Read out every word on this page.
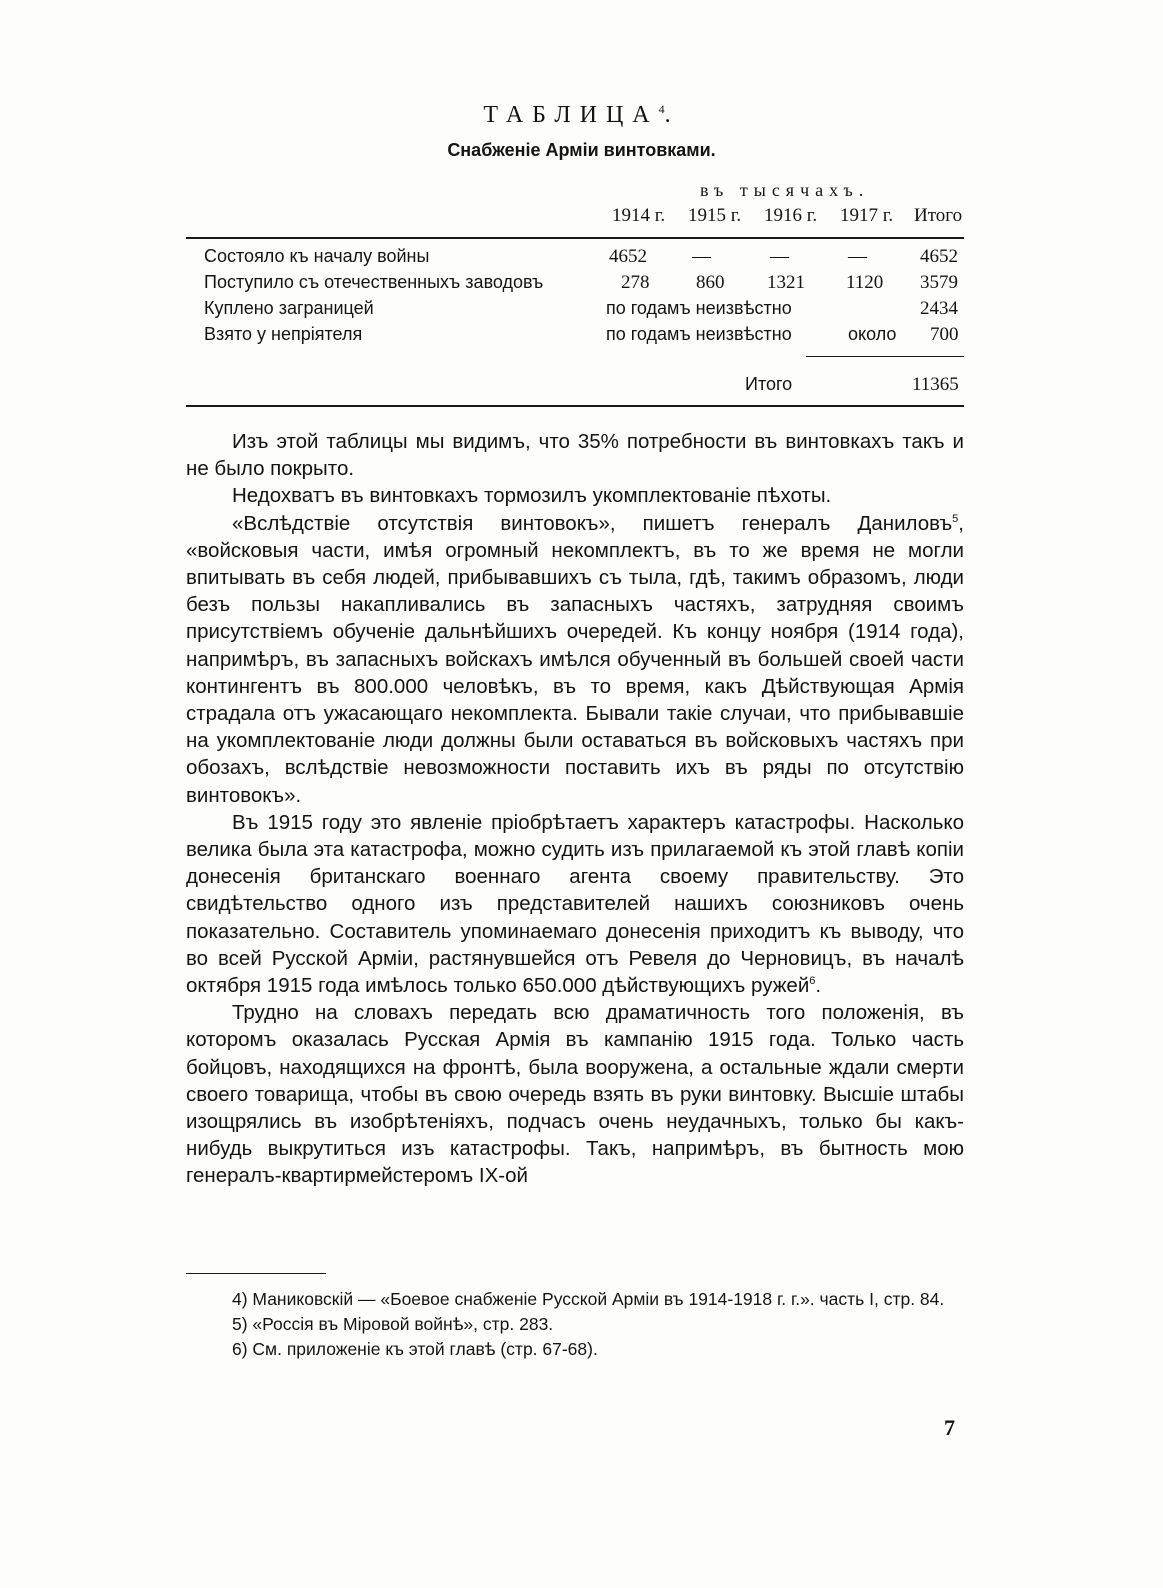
ТАБЛИЦА$^4$.
Снабженіе Арміи винтовками.
въ тысячахъ.
1914 г. 1915 г. 1916 г. 1917 г. Итого
Состояло къ началу войны	4652 —	—	—	4652
Поступило съ отечественныхъ заводовъ	278 860 1321 1120 3579
Куплено заграницей	по годамъ неизвѣстно	2434
Взято у непріятеля	по годамъ неизвѣстно	около 700
Итого	11365

Изъ этой таблицы мы видимъ, что 35% потребности въ винтовкахъ такъ и не было покрыто.

Недохватъ въ винтовкахъ тормозилъ укомплектованіе пѣхоты.

«Вслѣдствіе отсутствія винтовокъ», пишетъ генералъ Даниловъ$^5$, «войсковыя части, имѣя огромный некомплектъ, въ то же время не могли впитывать въ себя людей, прибывавшихъ съ тыла, гдѣ, такимъ образомъ, люди безъ пользы накапливались въ запасныхъ частяхъ, затрудняя своимъ присутствіемъ обученіе дальнѣйшихъ очередей. Къ концу ноября (1914 года), напримѣръ, въ запасныхъ войскахъ имѣлся обученный въ большей своей части контингентъ въ 800.000 человѣкъ, въ то время, какъ Дѣйствующая Армія страдала отъ ужасающаго некомплекта. Бывали такіе случаи, что прибывавшіе на укомплектованіе люди должны были оставаться въ войсковыхъ частяхъ при обозахъ, вслѣдствіе невозможности поставить ихъ въ ряды по отсутствію винтовокъ».

Въ 1915 году это явленіе пріобрѣтаетъ характеръ катастрофы. Насколько велика была эта катастрофа, можно судить изъ прилагаемой къ этой главѣ копіи донесенія британскаго военнаго агента своему правительству. Это свидѣтельство одного изъ представителей нашихъ союзниковъ очень показательно. Составитель упоминаемаго донесенія приходитъ къ выводу, что во всей Русской Арміи, растянувшейся отъ Ревеля до Черновицъ, въ началѣ октября 1915 года имѣлось только 650.000 дѣйствующихъ ружей$^6$.

Трудно на словахъ передать всю драматичность того положенія, въ которомъ оказалась Русская Армія въ кампанію 1915 года. Только часть бойцовъ, находящихся на фронтѣ, была вооружена, а остальные ждали смерти своего товарища, чтобы въ свою очередь взять въ руки винтовку. Высшіе штабы изощрялись въ изобрѣтеніяхъ, подчасъ очень неудачныхъ, только бы какъ-нибудь выкрутиться изъ катастрофы. Такъ, напримѣръ, въ бытность мою генералъ-квартирмейстеромъ IX-ой

4) Маниковскій — «Боевое снабженіе Русской Арміи въ 1914-1918 г. г.». часть I, стр. 84.

5) «Россія въ Міровой войнѣ», стр. 283.

6) См. приложеніе къ этой главѣ (стр. 67-68).

7
